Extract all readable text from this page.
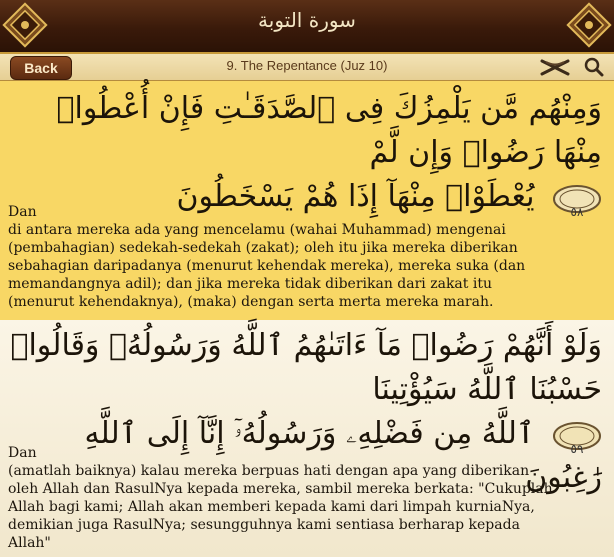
سورة التوبة
Back	9. The Repentance (Juz 10)
وَمِنْهُم مَّن يَلْمِزُكَ فِى ٱلصَّدَقَـٰتِ فَإِنْ أُعْطُوا۟ مِنْهَا رَضُوا۟ وَإِن لَّمْ
٥٨
يُعْطَوْا۟ مِنْهَآ إِذَا هُمْ يَسْخَطُونَ
Dan
di antara mereka ada yang mencelamu (wahai Muhammad) mengenai
(pembahagian) sedekah-sedekah (zakat); oleh itu jika mereka diberikan
sebahagian daripadanya (menurut kehendak mereka), mereka suka (dan
memandangnya adil); dan jika mereka tidak diberikan dari zakat itu
(menurut kehendaknya), (maka) dengan serta merta mereka marah.
وَلَوْ أَنَّهُمْ رَضُوا۟ مَآ ءَاتَىٰهُمُ ٱللَّهُ وَرَسُولُهُۥ وَقَالُوا۟ حَسْبُنَا ٱللَّهُ سَيُؤْتِينَا
٥٩
ٱللَّهُ مِن فَضْلِهِۦ وَرَسُولُهُۥٓ إِنَّآ إِلَى ٱللَّهِ رَٰغِبُونَ
Dan
(amatlah baiknya) kalau mereka berpuas hati dengan apa yang diberikan
oleh Allah dan RasulNya kepada mereka, sambil mereka berkata: "Cukuplah
Allah bagi kami; Allah akan memberi kepada kami dari limpah kurniaNya,
demikian juga RasulNya; sesungguhnya kami sentiasa berharap kepada
Allah"
